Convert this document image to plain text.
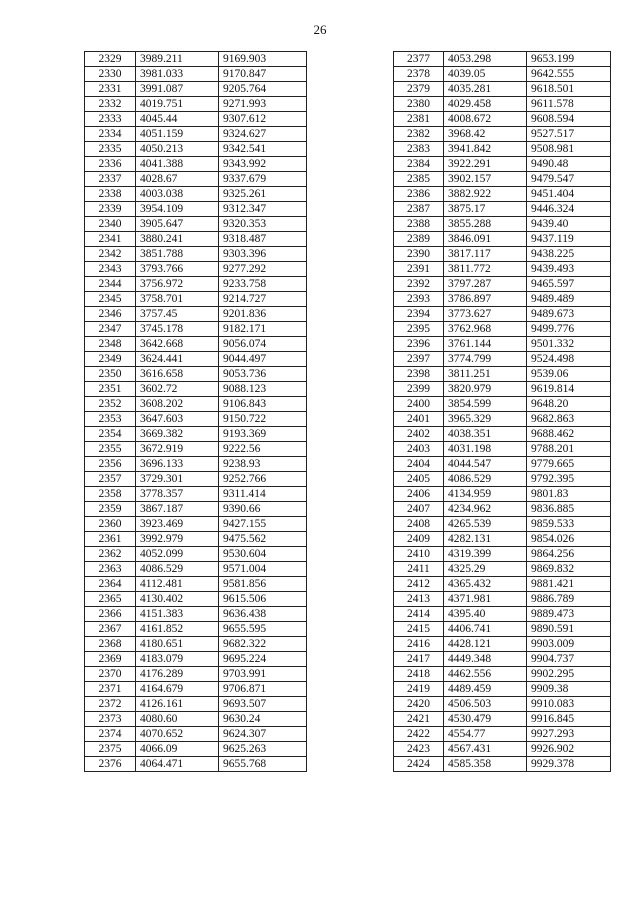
26
2329	3989.211	9169.903
2330	3981.033	9170.847
2331	3991.087	9205.764
2332	4019.751	9271.993
2333	4045.44	9307.612
2334	4051.159	9324.627
2335	4050.213	9342.541
2336	4041.388	9343.992
2337	4028.67	9337.679
2338	4003.038	9325.261
2339	3954.109	9312.347
2340	3905.647	9320.353
2341	3880.241	9318.487
2342	3851.788	9303.396
2343	3793.766	9277.292
2344	3756.972	9233.758
2345	3758.701	9214.727
2346	3757.45	9201.836
2347	3745.178	9182.171
2348	3642.668	9056.074
2349	3624.441	9044.497
2350	3616.658	9053.736
2351	3602.72	9088.123
2352	3608.202	9106.843
2353	3647.603	9150.722
2354	3669.382	9193.369
2355	3672.919	9222.56
2356	3696.133	9238.93
2357	3729.301	9252.766
2358	3778.357	9311.414
2359	3867.187	9390.66
2360	3923.469	9427.155
2361	3992.979	9475.562
2362	4052.099	9530.604
2363	4086.529	9571.004
2364	4112.481	9581.856
2365	4130.402	9615.506
2366	4151.383	9636.438
2367	4161.852	9655.595
2368	4180.651	9682.322
2369	4183.079	9695.224
2370	4176.289	9703.991
2371	4164.679	9706.871
2372	4126.161	9693.507
2373	4080.60	9630.24
2374	4070.652	9624.307
2375	4066.09	9625.263
2376	4064.471	9655.768
2377	4053.298	9653.199
2378	4039.05	9642.555
2379	4035.281	9618.501
2380	4029.458	9611.578
2381	4008.672	9608.594
2382	3968.42	9527.517
2383	3941.842	9508.981
2384	3922.291	9490.48
2385	3902.157	9479.547
2386	3882.922	9451.404
2387	3875.17	9446.324
2388	3855.288	9439.40
2389	3846.091	9437.119
2390	3817.117	9438.225
2391	3811.772	9439.493
2392	3797.287	9465.597
2393	3786.897	9489.489
2394	3773.627	9489.673
2395	3762.968	9499.776
2396	3761.144	9501.332
2397	3774.799	9524.498
2398	3811.251	9539.06
2399	3820.979	9619.814
2400	3854.599	9648.20
2401	3965.329	9682.863
2402	4038.351	9688.462
2403	4031.198	9788.201
2404	4044.547	9779.665
2405	4086.529	9792.395
2406	4134.959	9801.83
2407	4234.962	9836.885
2408	4265.539	9859.533
2409	4282.131	9854.026
2410	4319.399	9864.256
2411	4325.29	9869.832
2412	4365.432	9881.421
2413	4371.981	9886.789
2414	4395.40	9889.473
2415	4406.741	9890.591
2416	4428.121	9903.009
2417	4449.348	9904.737
2418	4462.556	9902.295
2419	4489.459	9909.38
2420	4506.503	9910.083
2421	4530.479	9916.845
2422	4554.77	9927.293
2423	4567.431	9926.902
2424	4585.358	9929.378
